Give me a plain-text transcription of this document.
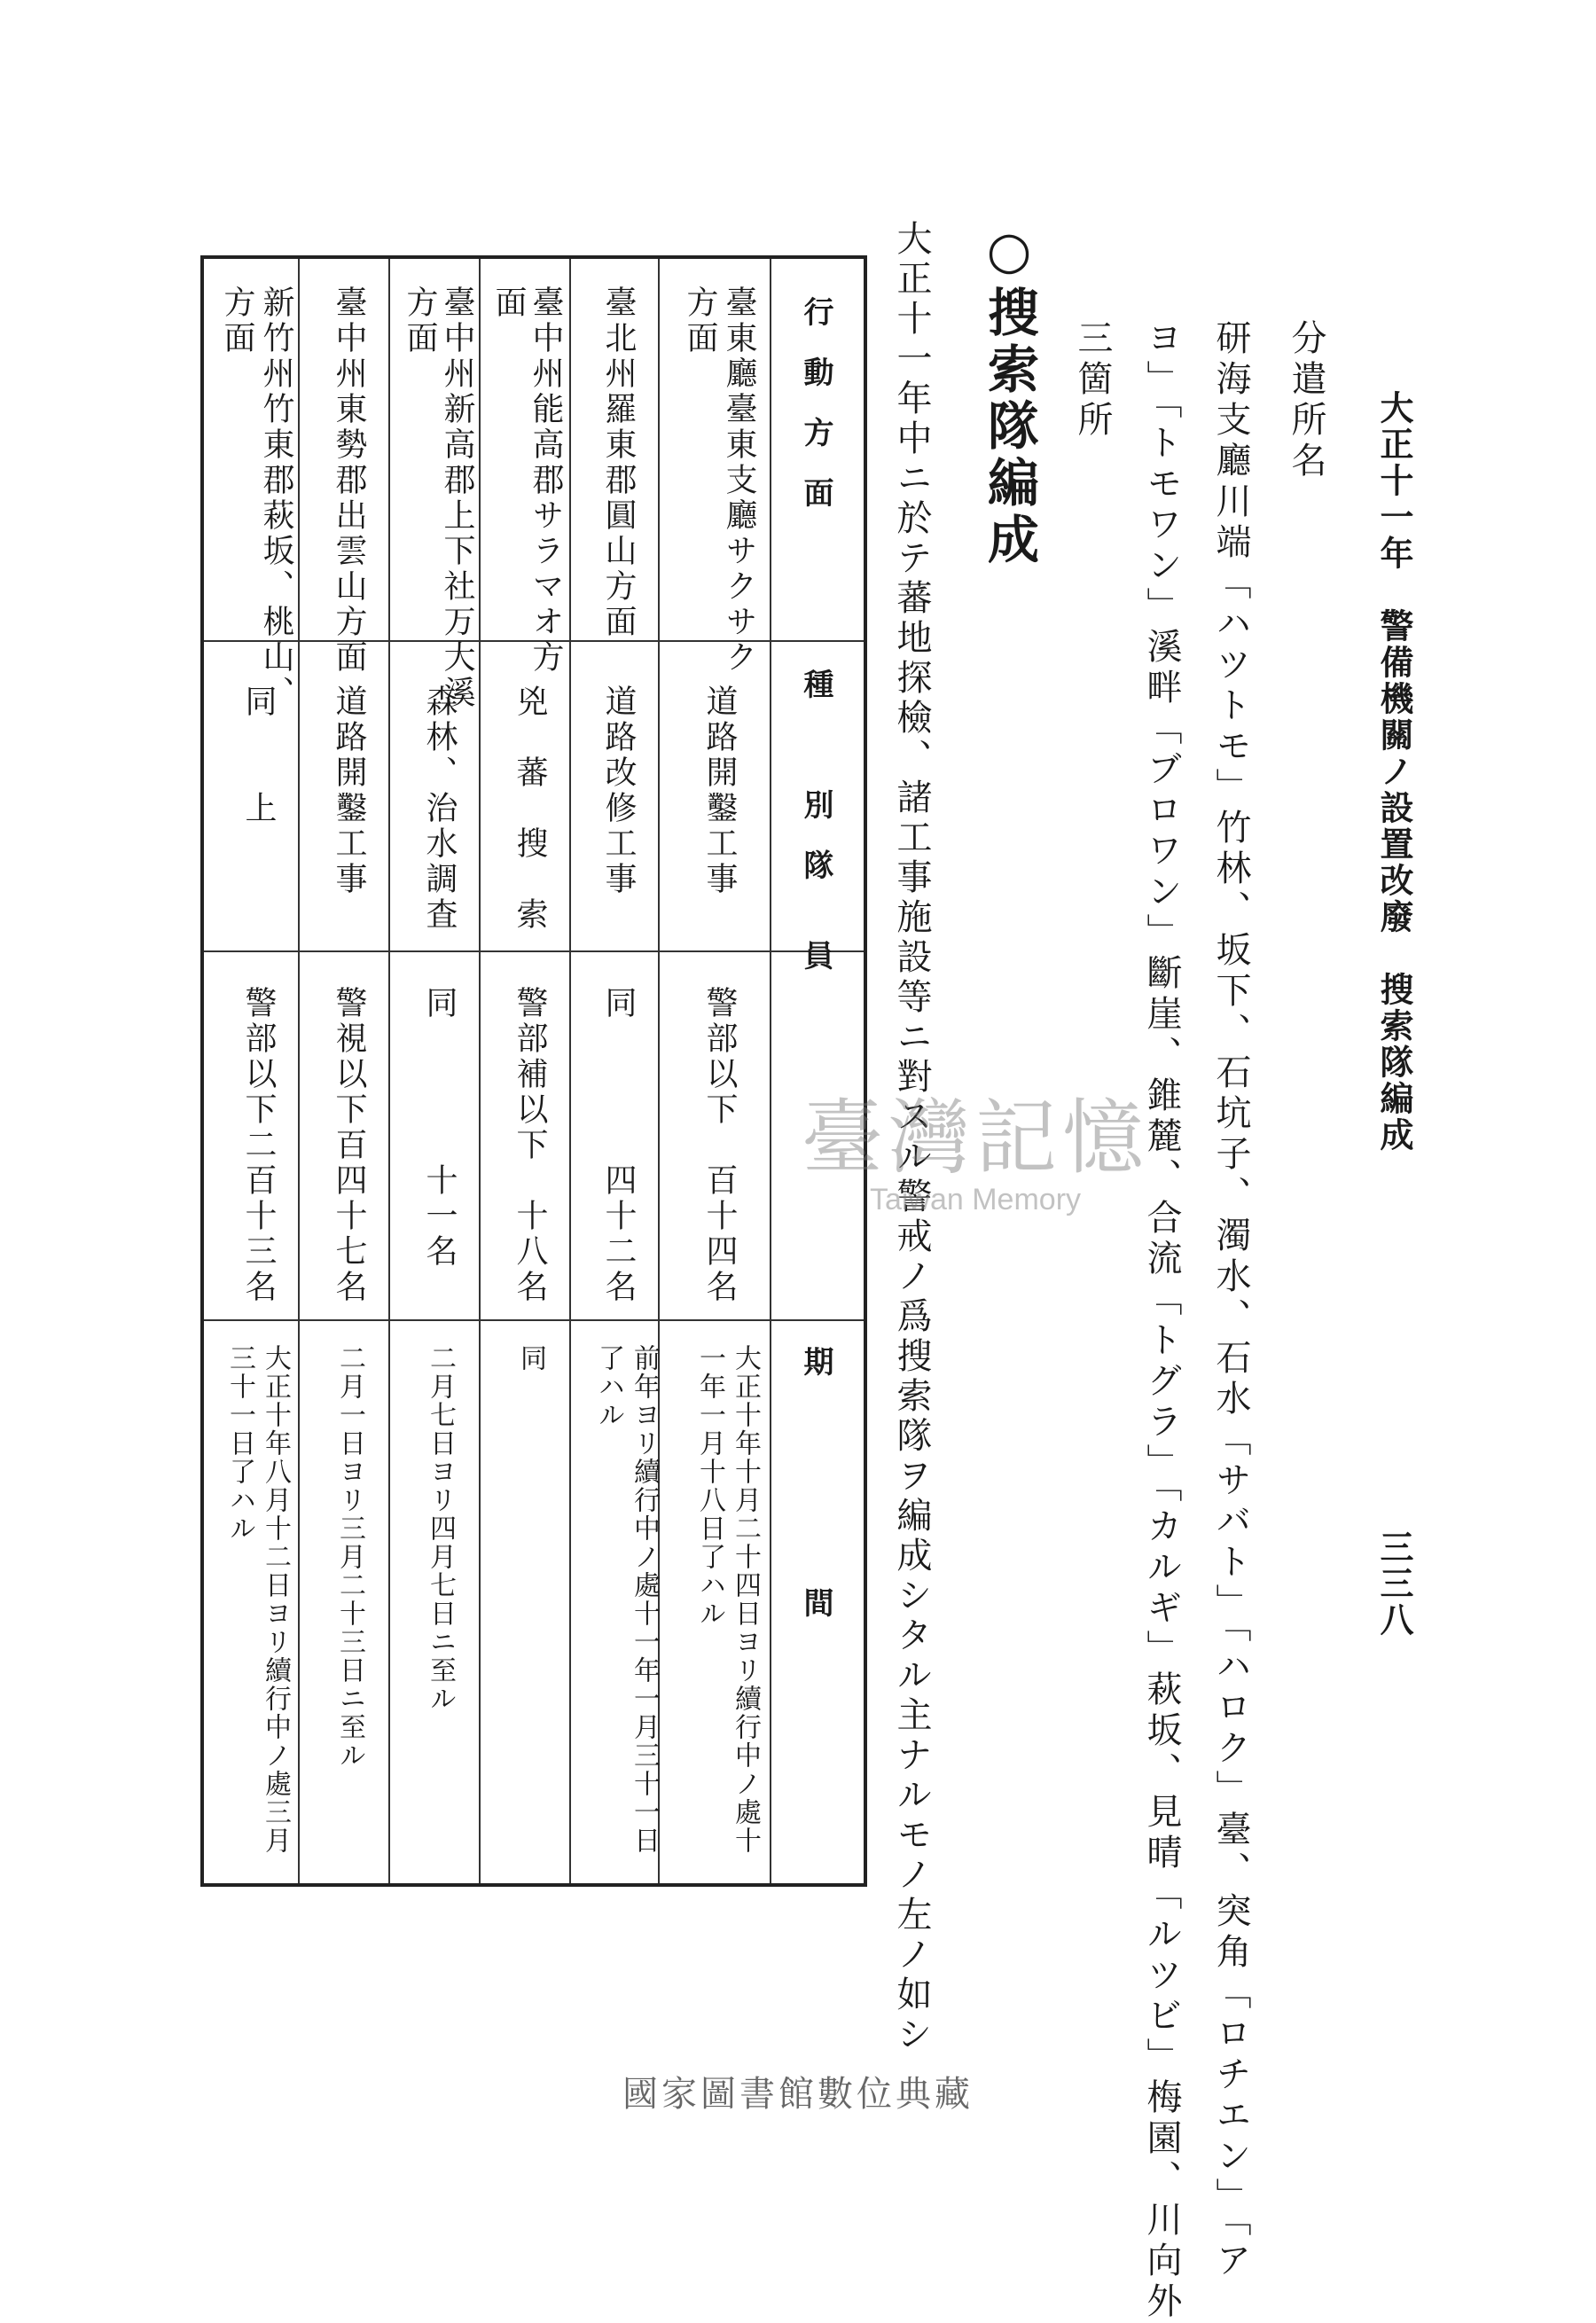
大正十一年　警備機關ノ設置改廢　搜索隊編成
三三八
分遣所名
研海支廳川端「ハツトモ」竹林、坂下、石坑子、濁水、石水「サバト」「ハロク」臺、突角「ロチエン」「ア
ヨ」「トモワン」溪畔「ブロワン」斷崖、錐麓、合流「トグラ」「カルギ」萩坂、見晴「ルツビ」梅園、川向外
三箇所
○搜索隊編成
大正十一年中ニ於テ蕃地探檢、諸工事施設等ニ對スル警戒ノ爲搜索隊ヲ編成シタル主ナルモノ左ノ如シ
行　動　方　面
種　　　別　隊　　員
期　　　　　　　間
臺東廳臺東支廳サクサク
方面
道路開鑿工事
警部以下　百十四名
大正十年十月二十四日ヨリ續行中ノ處十
一年一月十八日了ハル
臺北州羅東郡圓山方面
道路改修工事
同　　　　四十二名
前年ヨリ續行中ノ處十一年一月三十一日
了ハル
臺中州能高郡サラマオ方
面
兇　蕃　搜　索
警部補以下　十八名
同
臺中州新高郡上下社万大溪
方面
森林、治水調査
同　　　　十一名
二月七日ヨリ四月七日ニ至ル
臺中州東勢郡出雲山方面
道路開鑿工事
警視以下百四十七名
二月一日ヨリ三月二十三日ニ至ル
新竹州竹東郡萩坂、桃山、
方面
同　　上
警部以下二百十三名
大正十年八月十二日ヨリ續行中ノ處三月
三十一日了ハル
臺灣記憶
Taiwan Memory
國家圖書館數位典藏
